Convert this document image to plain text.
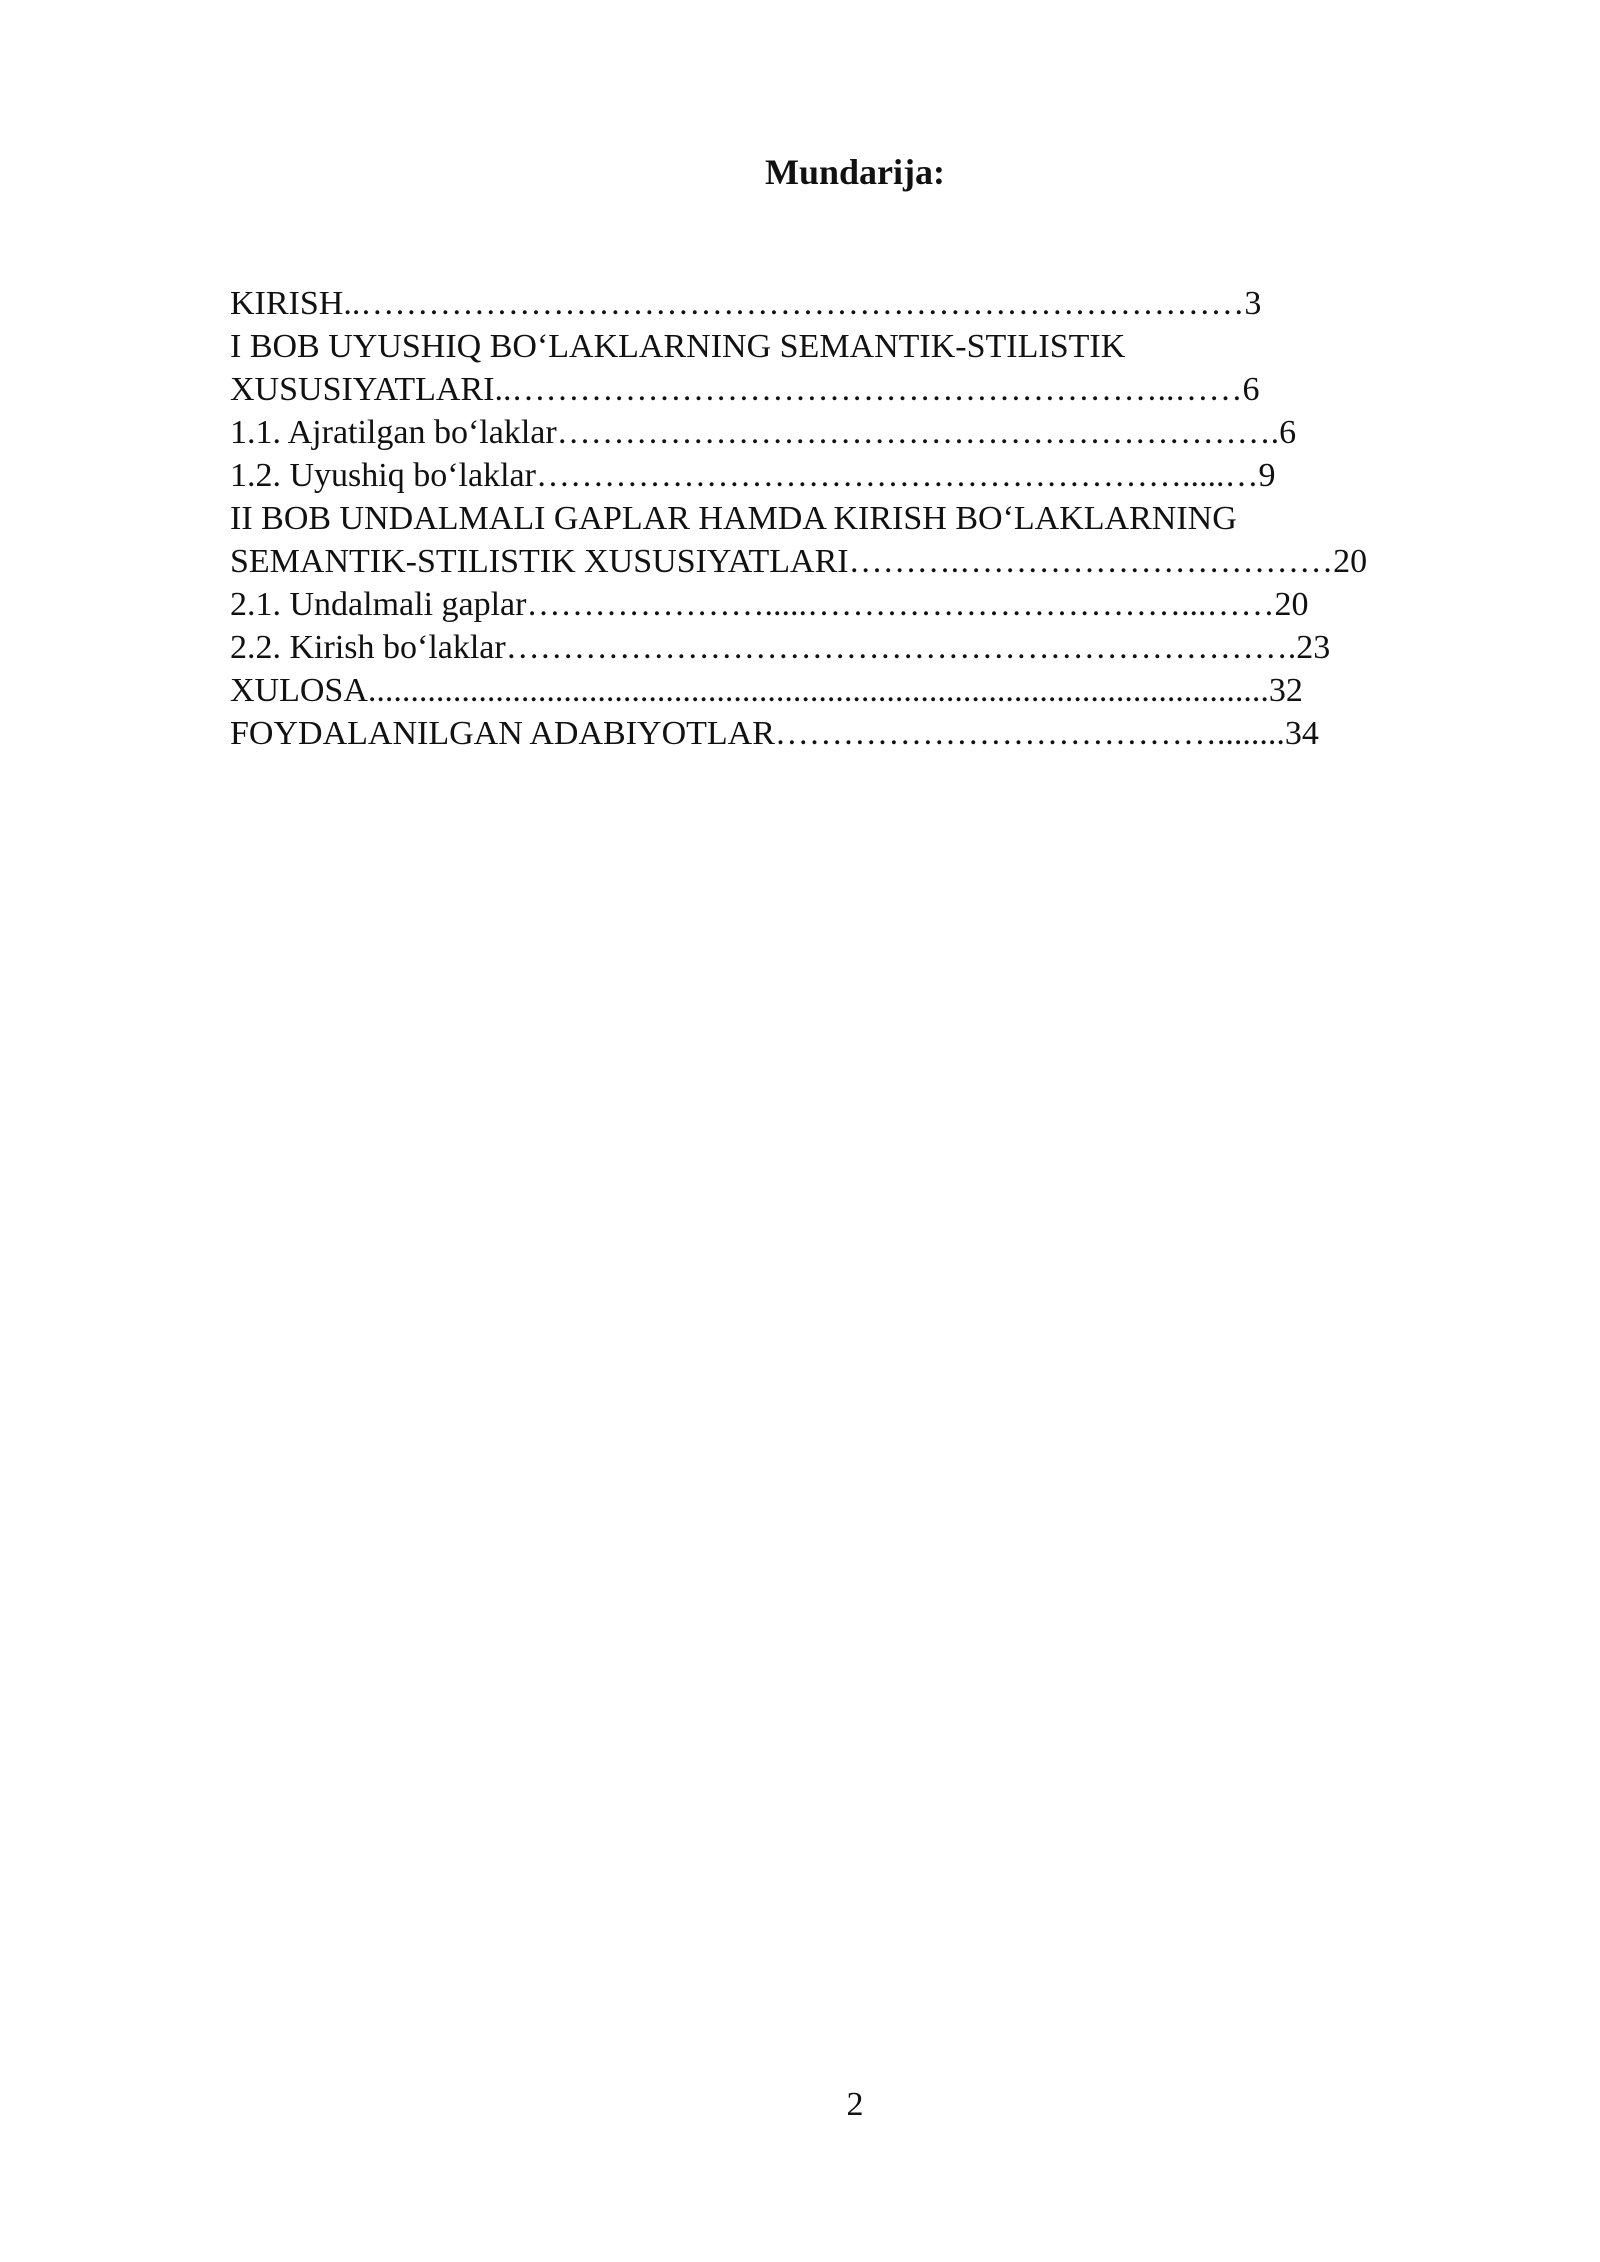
Mundarija:

KIRISH..……………………………………………………………………3

I BOB UYUSHIQ BO‘LAKLARNING SEMANTIK-STILISTIK

XUSUSIYATLARI..…………………………………………………..……6

1.1. Ajratilgan bo‘laklar……………………………………………………….6

1.2. Uyushiq bo‘laklar………………………………………………….....…9

II BOB UNDALMALI GAPLAR HAMDA KIRISH BO‘LAKLARNING

SEMANTIK-STILISTIK XUSUSIYATLARI……….……………………………20

2.1. Undalmali gaplar………………….....……………………………...……20

2.2. Kirish bo‘laklar…………………………………………………………….23

XULOSA..........................................................................................................32

FOYDALANILGAN ADABIYOTLAR…………………………………........34

2
